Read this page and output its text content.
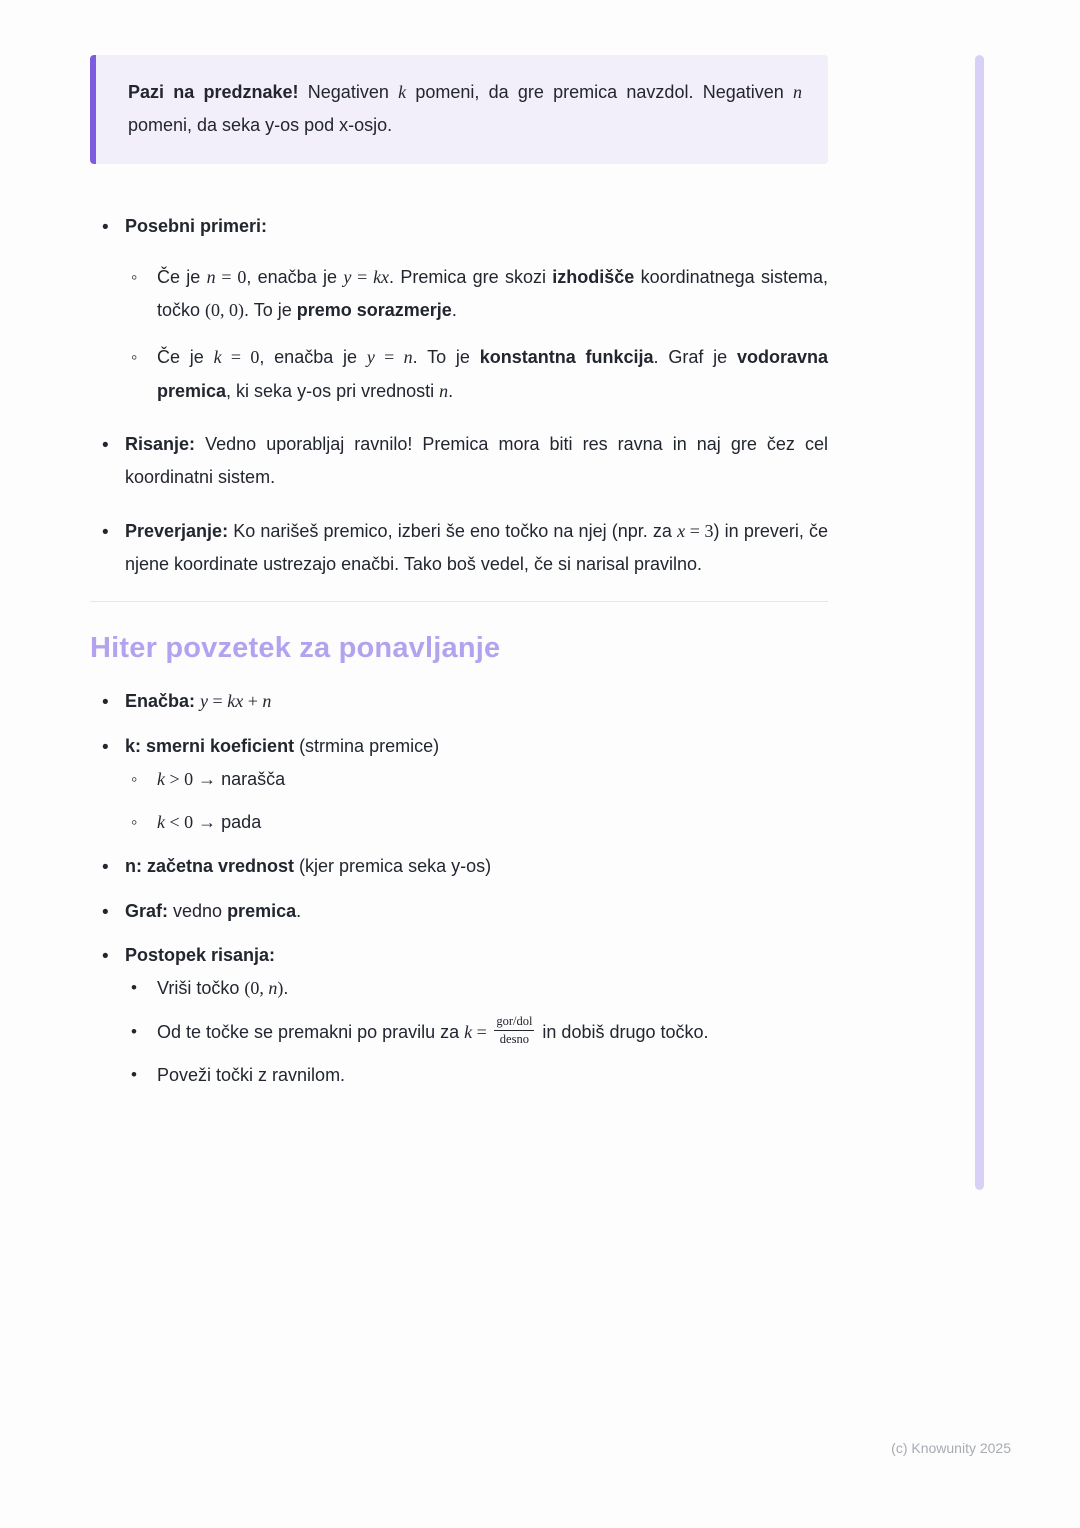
Pazi na predznake! Negativen k pomeni, da gre premica navzdol. Negativen n pomeni, da seka y-os pod x-osjo.
• Posebni primeri:
◦ Če je n = 0, enačba je y = kx. Premica gre skozi izhodišče koordinatnega sistema, točko (0, 0). To je premo sorazmerje.
◦ Če je k = 0, enačba je y = n. To je konstantna funkcija. Graf je vodoravna premica, ki seka y-os pri vrednosti n.
• Risanje: Vedno uporabljaj ravnilo! Premica mora biti res ravna in naj gre čez cel koordinatni sistem.
• Preverjanje: Ko narišeš premico, izberi še eno točko na njej (npr. za x = 3) in preveri, če njene koordinate ustrezajo enačbi. Tako boš vedel, če si narisal pravilno.
Hiter povzetek za ponavljanje
• Enačba: y = kx + n
• k: smerni koeficient (strmina premice)
◦ k > 0 → narašča
◦ k < 0 → pada
• n: začetna vrednost (kjer premica seka y-os)
• Graf: vedno premica.
• Postopek risanja:
• Vriši točko (0, n).
• Od te točke se premakni po pravilu za $k = \frac{\text{gor/dol}}{\text{desno}}$ in dobiš drugo točko.
• Poveži točki z ravnilom.
(c) Knowunity 2025
